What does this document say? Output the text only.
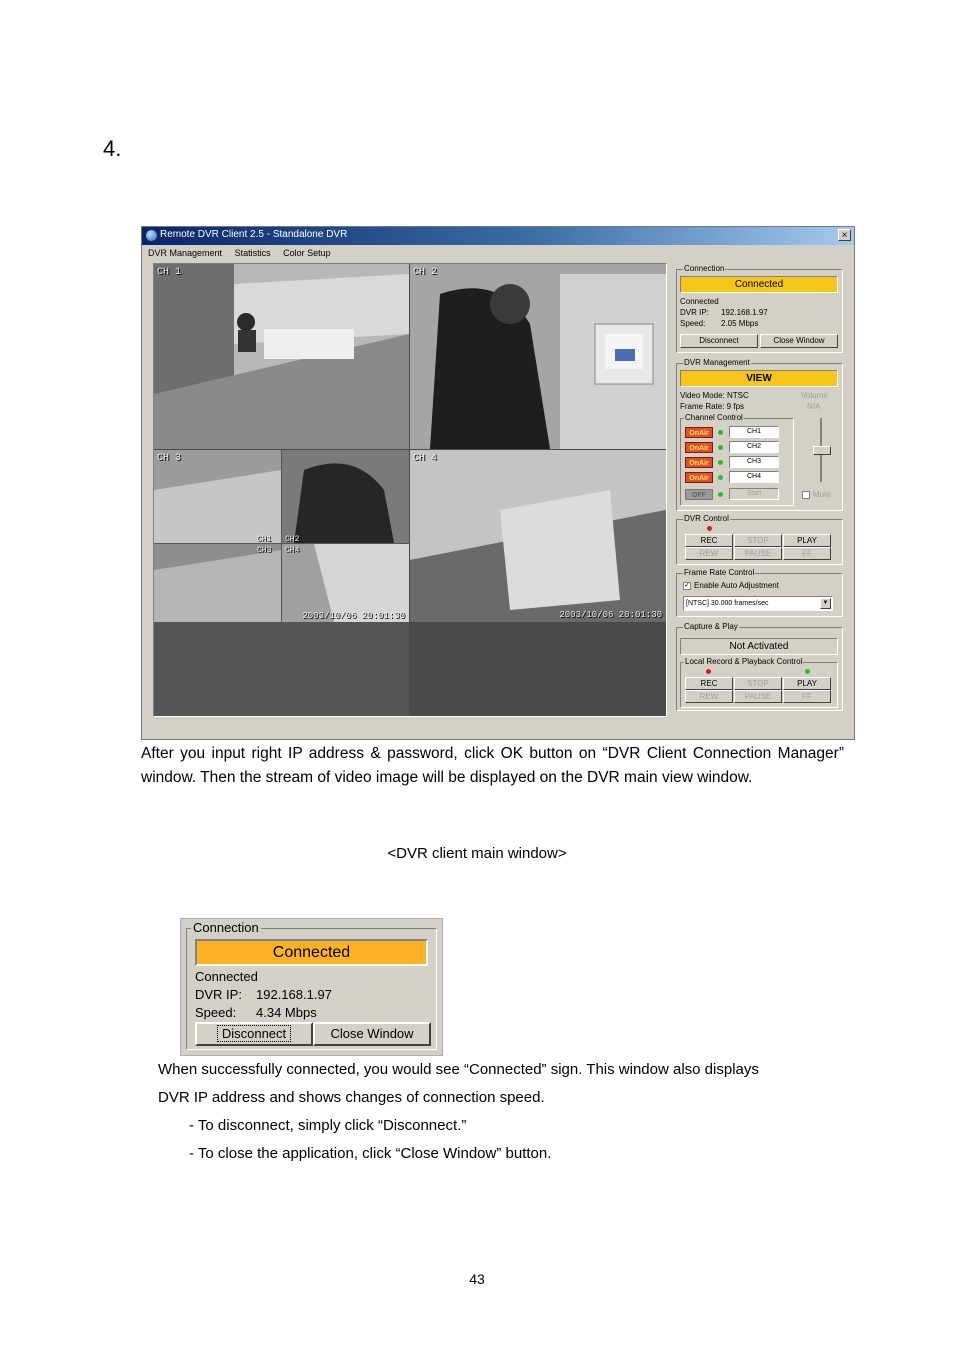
4.
Remote DVR Client 2.5 - Standalone DVR	×
DVR Management Statistics Color Setup
CH 1	CH 2
CH 3
CH1 CH2
CH3 CH4
2003/10/06 20:01:30
CH 4
2003/10/06 20:01:30
Connection
Connected
Connected
DVR IP: 192.168.1.97
Speed: 2.05 Mbps
Disconnect	Close Window
DVR Management
VIEW
Video Mode: NTSC
Frame Rate: 9 fps
Volume
N/A
Mute
Channel Control
OnAir	CH1
OnAir	CH2
OnAir	CH3
OnAir	CH4
OFF	Start
DVR Control
REC	STOP	PLAY
REW	PAUSE	FF
Frame Rate Control
✓ Enable Auto Adjustment
[NTSC] 30.000 frames/sec	▼
Capture & Play
Not Activated
Local Record & Playback Control
REC	STOP	PLAY
REW	PAUSE	FF
After you input right IP address & password, click OK button on “DVR Client Connection Manager” window. Then the stream of video image will be displayed on the DVR main view window.
<DVR client main window>
Connection
Connected
Connected
DVR IP: 192.168.1.97
Speed: 4.34 Mbps
Disconnect	Close Window
When successfully connected, you would see “Connected” sign. This window also displays
DVR IP address and shows changes of connection speed.
- To disconnect, simply click “Disconnect.”
- To close the application, click “Close Window” button.
43
